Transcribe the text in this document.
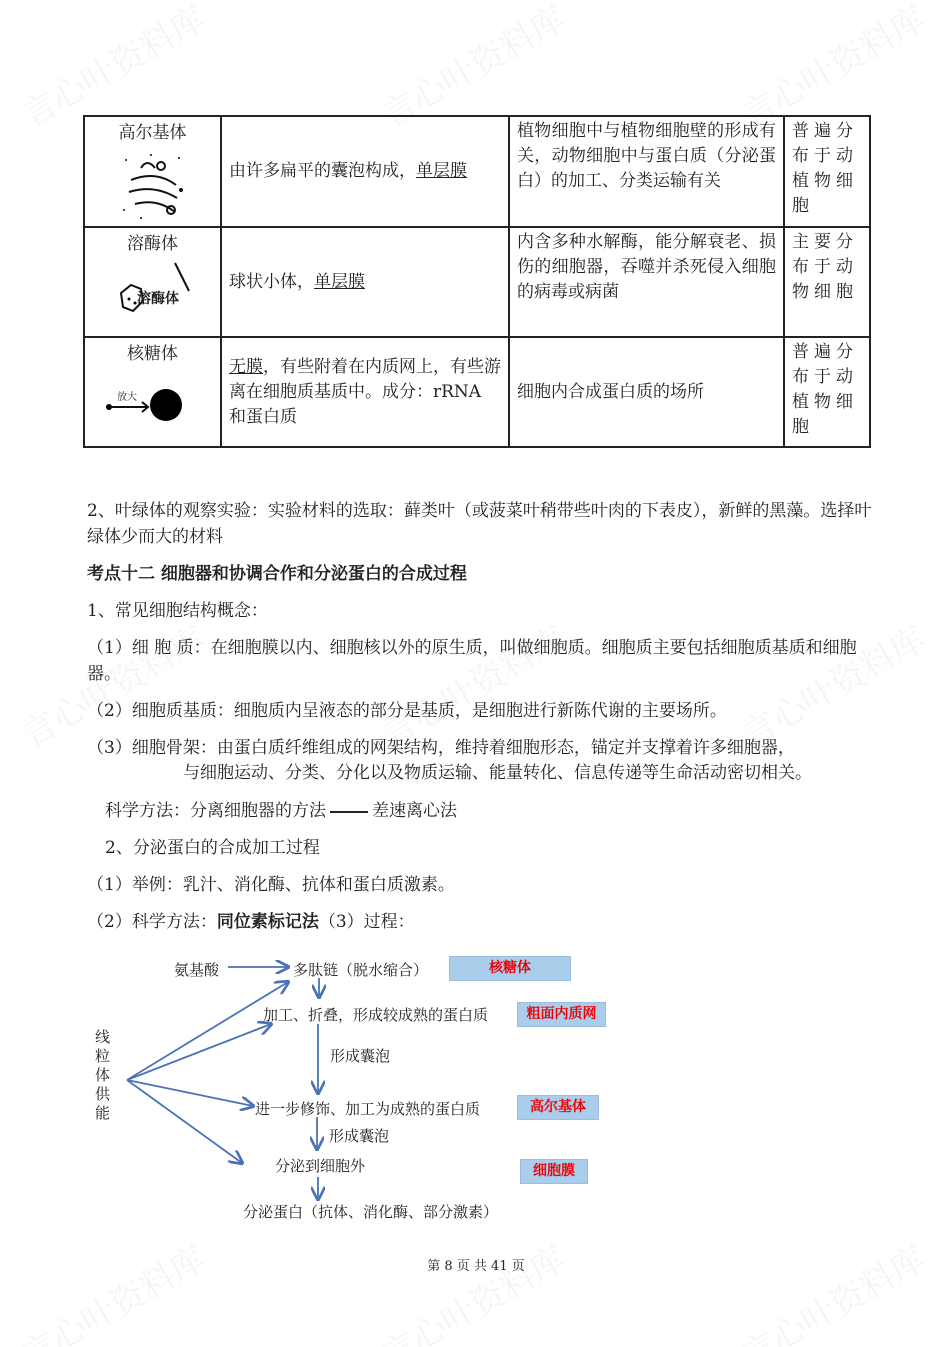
高尔基体	由许多扁平的囊泡构成，单层膜	植物细胞中与植物细胞壁的形成有关，动物细胞中与蛋白质（分泌蛋白）的加工、分类运输有关	普遍分布于动植物细胞
溶酶体
溶酶体	球状小体，单层膜	内含多种水解酶，能分解衰老、损伤的细胞器，吞噬并杀死侵入细胞的病毒或病菌	主要分布于动物细胞
核糖体
放大	无膜，有些附着在内质网上，有些游离在细胞质基质中。成分：rRNA 和蛋白质	细胞内合成蛋白质的场所	普遍分布于动植物细胞
2、叶绿体的观察实验：实验材料的选取：藓类叶（或菠菜叶稍带些叶肉的下表皮），新鲜的黑藻。选择叶绿体少而大的材料
考点十二 细胞器和协调合作和分泌蛋白的合成过程
1、常见细胞结构概念：
（1）细 胞 质：在细胞膜以内、细胞核以外的原生质，叫做细胞质。细胞质主要包括细胞质基质和细胞器。
（2）细胞质基质：细胞质内呈液态的部分是基质，是细胞进行新陈代谢的主要场所。
（3）细胞骨架：由蛋白质纤维组成的网架结构，维持着细胞形态，锚定并支撑着许多细胞器，
与细胞运动、分类、分化以及物质运输、能量转化、信息传递等生命活动密切相关。
科学方法：分离细胞器的方法	差速离心法
2、分泌蛋白的合成加工过程
（1）举例：乳汁、消化酶、抗体和蛋白质激素。
（2）科学方法：同位素标记法（3）过程：
氨基酸	多肽链（脱水缩合）
加工、折叠，形成较成熟的蛋白质
形成囊泡
进一步修饰、加工为成熟的蛋白质
形成囊泡
分泌到细胞外
分泌蛋白（抗体、消化酶、部分激素）
线粒体供能
核糖体
粗面内质网
高尔基体
细胞膜
第 8 页 共 41 页
